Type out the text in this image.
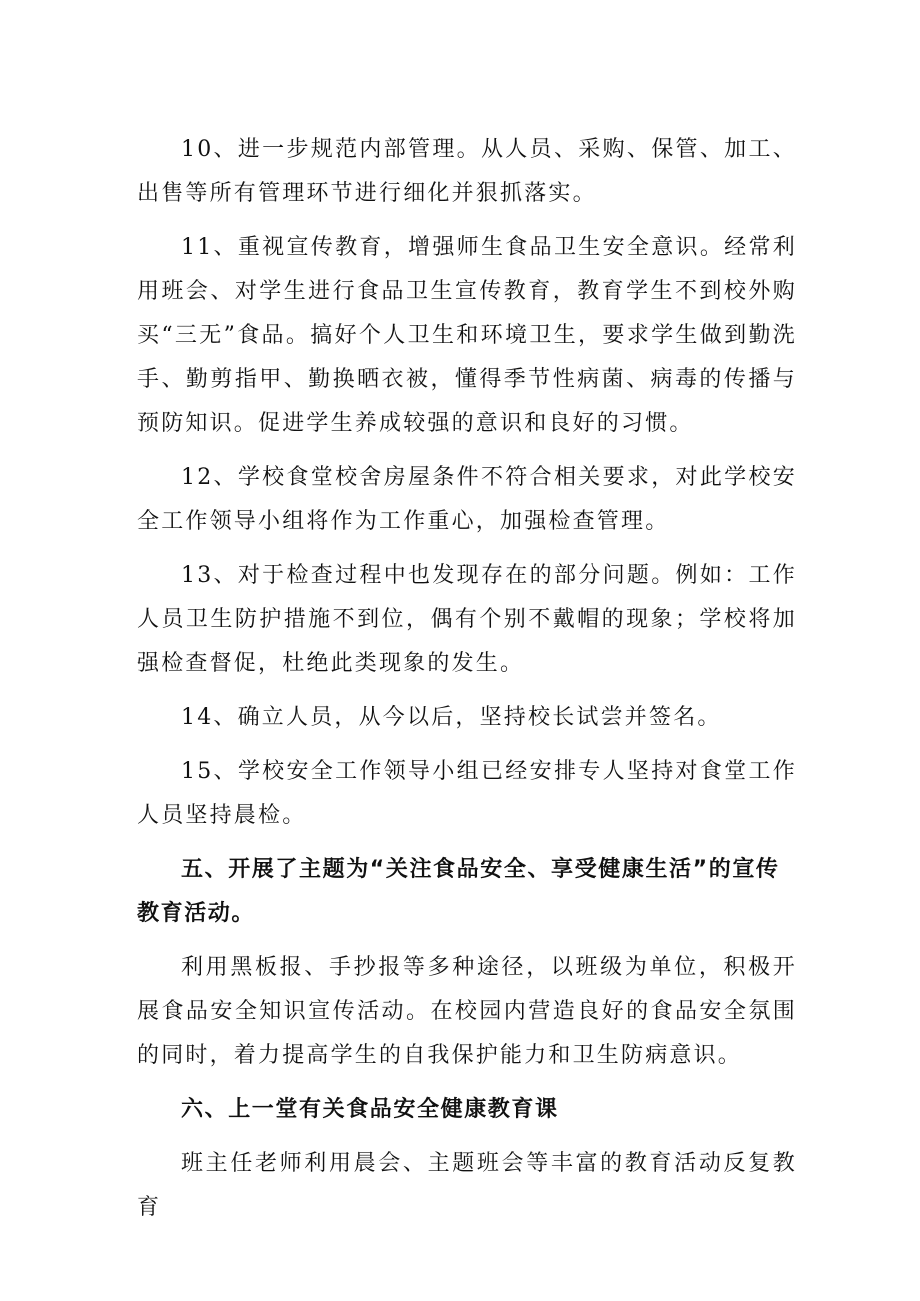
10、进一步规范内部管理。从人员、采购、保管、加工、出售等所有管理环节进行细化并狠抓落实。

11、重视宣传教育，增强师生食品卫生安全意识。经常利用班会、对学生进行食品卫生宣传教育，教育学生不到校外购买“三无”食品。搞好个人卫生和环境卫生，要求学生做到勤洗手、勤剪指甲、勤换晒衣被，懂得季节性病菌、病毒的传播与预防知识。促进学生养成较强的意识和良好的习惯。

12、学校食堂校舍房屋条件不符合相关要求，对此学校安全工作领导小组将作为工作重心，加强检查管理。

13、对于检查过程中也发现存在的部分问题。例如：工作人员卫生防护措施不到位，偶有个别不戴帽的现象；学校将加强检查督促，杜绝此类现象的发生。

14、确立人员，从今以后，坚持校长试尝并签名。

15、学校安全工作领导小组已经安排专人坚持对食堂工作人员坚持晨检。

五、开展了主题为“关注食品安全、享受健康生活”的宣传教育活动。

利用黑板报、手抄报等多种途径，以班级为单位，积极开展食品安全知识宣传活动。在校园内营造良好的食品安全氛围的同时，着力提高学生的自我保护能力和卫生防病意识。

六、上一堂有关食品安全健康教育课

班主任老师利用晨会、主题班会等丰富的教育活动反复教育
